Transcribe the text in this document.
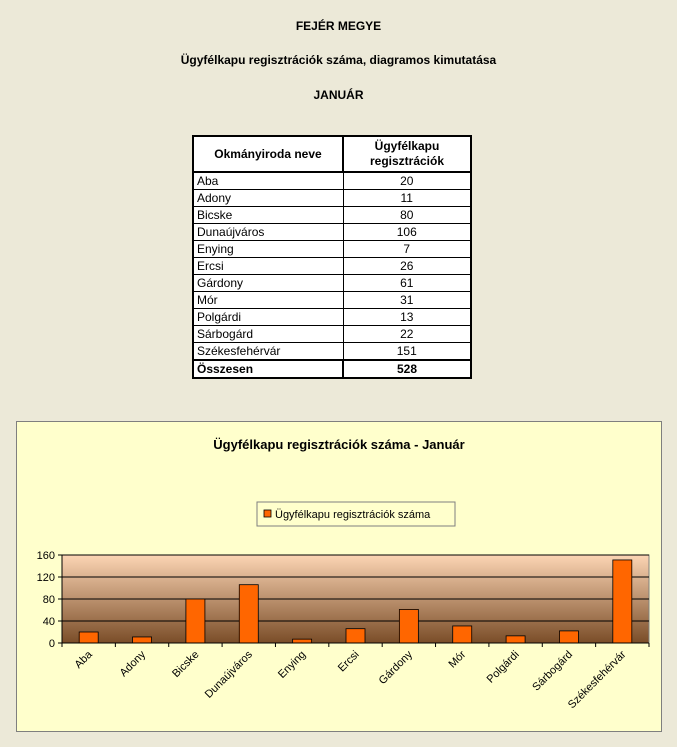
FEJÉR MEGYE
Ügyfélkapu regisztrációk száma, diagramos kimutatása
JANUÁR
Okmányiroda neve	Ügyfélkapu
regisztrációk
Aba	20
Adony	11
Bicske	80
Dunaújváros	106
Enying	7
Ercsi	26
Gárdony	61
Mór	31
Polgárdi	13
Sárbogárd	22
Székesfehérvár	151
Összesen	528
Ügyfélkapu regisztrációk száma - Január
Ügyfélkapu regisztrációk száma
0
40
80
120
160
Aba Adony Bicske Dunaújváros Enying	Ercsi Gárdony	Mór Polgárdi Sárbogárd
Székesfehérvár
